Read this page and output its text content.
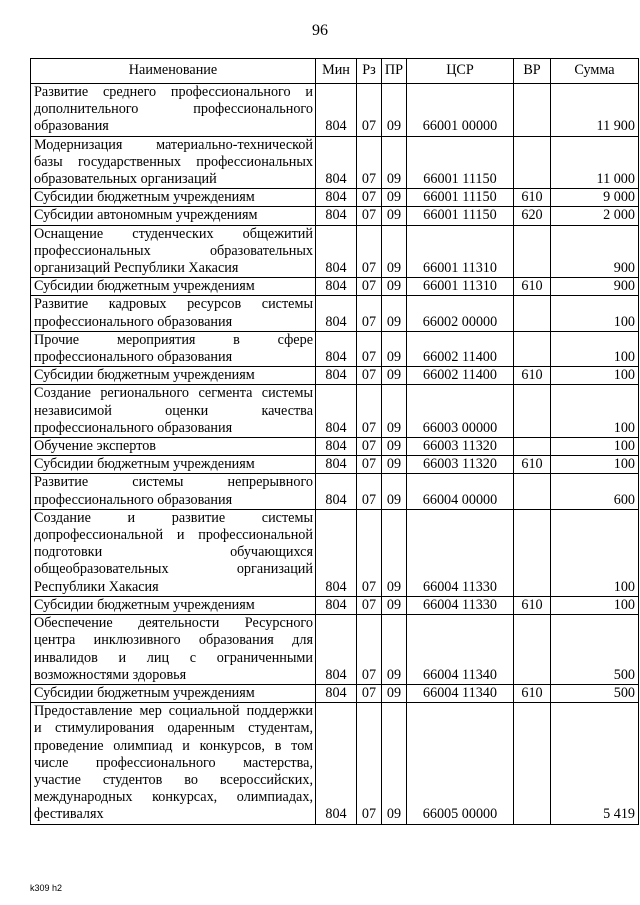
96
Наименование	Мин	Рз	ПР	ЦСР	ВР	Сумма

Развитие среднего профессионального и дополнительного профессионального образования	804	07	09	66001 00000		11 900

Модернизация материально-технической базы государственных профессиональных образовательных организаций	804	07	09	66001 11150		11 000

Субсидии бюджетным учреждениям	804	07	09	66001 11150	610	9 000

Субсидии автономным учреждениям	804	07	09	66001 11150	620	2 000

Оснащение студенческих общежитий профессиональных образовательных организаций Республики Хакасия	804	07	09	66001 11310		900

Субсидии бюджетным учреждениям	804	07	09	66001 11310	610	900

Развитие кадровых ресурсов системы профессионального образования	804	07	09	66002 00000		100

Прочие мероприятия в сфере профессионального образования	804	07	09	66002 11400		100

Субсидии бюджетным учреждениям	804	07	09	66002 11400	610	100

Создание регионального сегмента системы независимой оценки качества профессионального образования	804	07	09	66003 00000		100

Обучение экспертов	804	07	09	66003 11320		100

Субсидии бюджетным учреждениям	804	07	09	66003 11320	610	100

Развитие системы непрерывного профессионального образования	804	07	09	66004 00000		600

Создание и развитие системы допрофессиональной и профессиональной подготовки обучающихся общеобразовательных организаций Республики Хакасия	804	07	09	66004 11330		100

Субсидии бюджетным учреждениям	804	07	09	66004 11330	610	100

Обеспечение деятельности Ресурсного центра инклюзивного образования для инвалидов и лиц с ограниченными возможностями здоровья	804	07	09	66004 11340		500

Субсидии бюджетным учреждениям	804	07	09	66004 11340	610	500

Предоставление мер социальной поддержки и стимулирования одаренным студентам, проведение олимпиад и конкурсов, в том числе профессионального мастерства, участие студентов во всероссийских, международных конкурсах, олимпиадах, фестивалях	804	07	09	66005 00000		5 419
k309 h2
